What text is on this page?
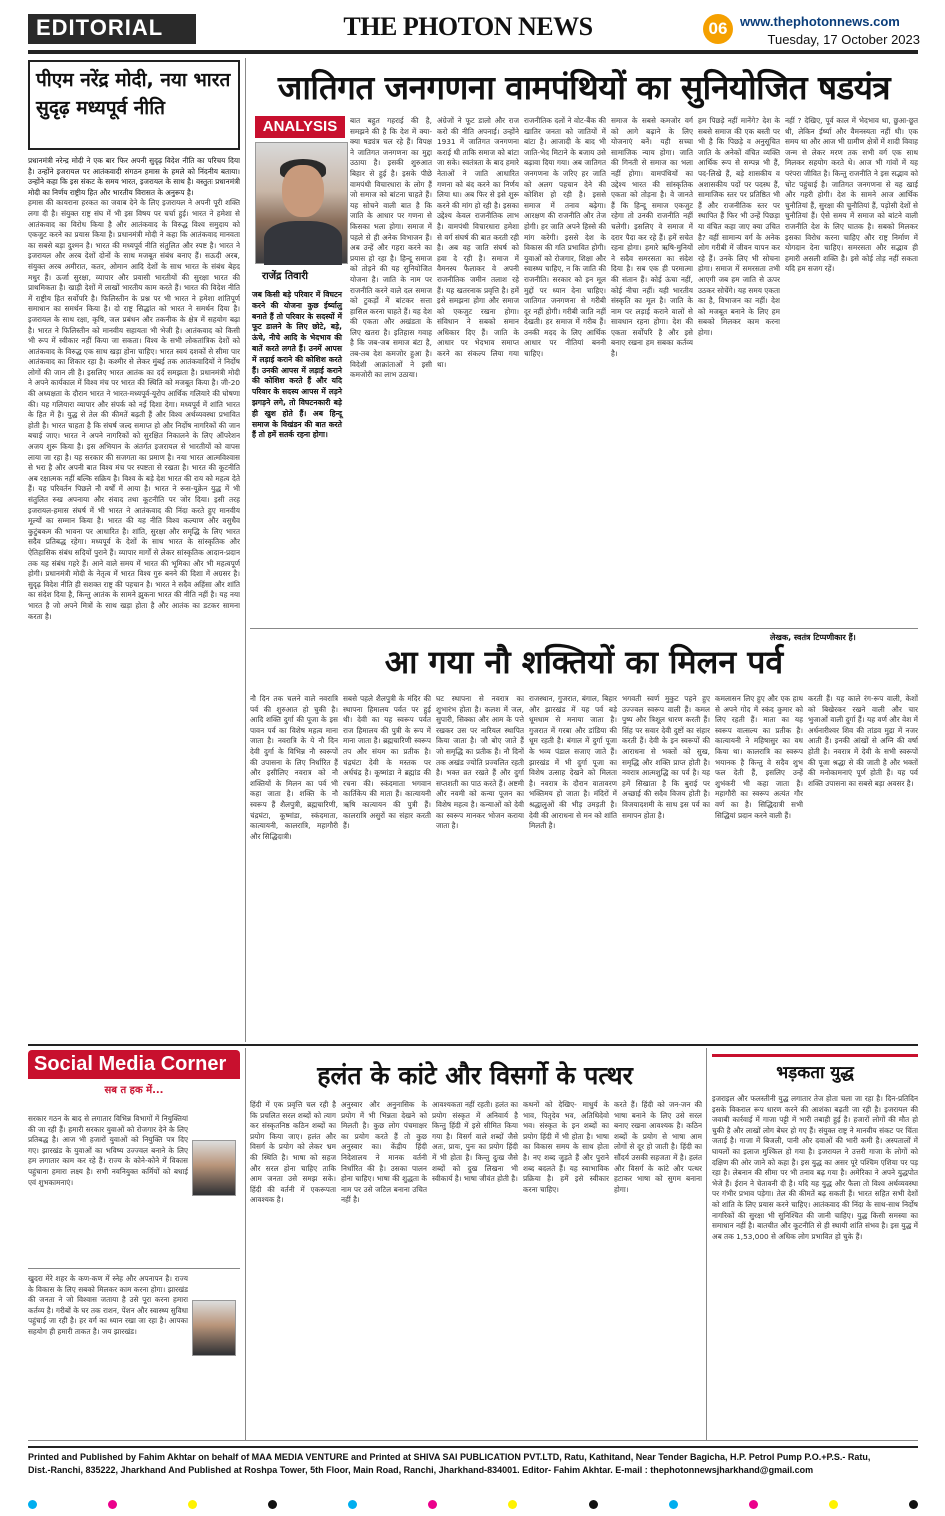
EDITORIAL	THE PHOTON NEWS	06 www.thephotonnews.com
Tuesday, 17 October 2023
पीएम नरेंद्र मोदी, नया भारत सुदृढ़ मध्यपूर्व नीति

प्रधानमंत्री नरेन्द्र मोदी ने एक बार फिर अपनी सुदृढ़ विदेश नीति का परिचय दिया है। उन्होंने इजरायल पर आतंकवादी संगठन हमास के हमले को निंदनीय बताया। उन्होंने कहा कि इस संकट के समय भारत, इजरायल के साथ है। वस्तुतः प्रधानमंत्री मोदी का निर्णय राष्ट्रीय हित और भारतीय विरासत के अनुरूप है।

हमास की कायराना हरकत का जवाब देने के लिए इजरायल ने अपनी पूरी शक्ति लगा दी है। संयुक्त राष्ट्र संघ में भी इस विषय पर चर्चा हुई। भारत ने हमेशा से आतंकवाद का विरोध किया है और आतंकवाद के विरुद्ध विश्व समुदाय को एकजुट करने का प्रयास किया है। प्रधानमंत्री मोदी ने कहा कि आतंकवाद मानवता का सबसे बड़ा दुश्मन है। भारत की मध्यपूर्व नीति संतुलित और स्पष्ट है। भारत ने इजरायल और अरब देशों दोनों के साथ मजबूत संबंध बनाए हैं। सऊदी अरब, संयुक्त अरब अमीरात, कतर, ओमान आदि देशों के साथ भारत के संबंध बेहद मधुर हैं। ऊर्जा सुरक्षा, व्यापार और प्रवासी भारतीयों की सुरक्षा भारत की प्राथमिकता है। खाड़ी देशों में लाखों भारतीय काम करते हैं। भारत की विदेश नीति में राष्ट्रीय हित सर्वोपरि है। फिलिस्तीन के प्रश्न पर भी भारत ने हमेशा शांतिपूर्ण समाधान का समर्थन किया है। दो राष्ट्र सिद्धांत को भारत ने समर्थन दिया है। इजरायल के साथ रक्षा, कृषि, जल प्रबंधन और तकनीक के क्षेत्र में सहयोग बढ़ा है। भारत ने फिलिस्तीन को मानवीय सहायता भी भेजी है। आतंकवाद को किसी भी रूप में स्वीकार नहीं किया जा सकता। विश्व के सभी लोकतांत्रिक देशों को आतंकवाद के विरुद्ध एक साथ खड़ा होना चाहिए। भारत स्वयं दशकों से सीमा पार आतंकवाद का शिकार रहा है। कश्मीर से लेकर मुंबई तक आतंकवादियों ने निर्दोष लोगों की जान ली है। इसलिए भारत आतंक का दर्द समझता है। प्रधानमंत्री मोदी ने अपने कार्यकाल में विश्व मंच पर भारत की स्थिति को मजबूत किया है। जी-20 की अध्यक्षता के दौरान भारत ने भारत-मध्यपूर्व-यूरोप आर्थिक गलियारे की घोषणा की। यह गलियारा व्यापार और संपर्क को नई दिशा देगा। मध्यपूर्व में शांति भारत के हित में है। युद्ध से तेल की कीमतें बढ़ती हैं और विश्व अर्थव्यवस्था प्रभावित होती है। भारत चाहता है कि संघर्ष जल्द समाप्त हो और निर्दोष नागरिकों की जान बचाई जाए। भारत ने अपने नागरिकों को सुरक्षित निकालने के लिए ऑपरेशन अजय शुरू किया है। इस अभियान के अंतर्गत इजरायल से भारतीयों को वापस लाया जा रहा है। यह सरकार की सजगता का प्रमाण है। नया भारत आत्मविश्वास से भरा है और अपनी बात विश्व मंच पर स्पष्टता से रखता है। भारत की कूटनीति अब रक्षात्मक नहीं बल्कि सक्रिय है। विश्व के बड़े देश भारत की राय को महत्व देते हैं। यह परिवर्तन पिछले नौ वर्षों में आया है। भारत ने रूस-यूक्रेन युद्ध में भी संतुलित रुख अपनाया और संवाद तथा कूटनीति पर जोर दिया। इसी तरह इजरायल-हमास संघर्ष में भी भारत ने आतंकवाद की निंदा करते हुए मानवीय मूल्यों का सम्मान किया है। भारत की यह नीति विश्व कल्याण और वसुधैव कुटुंबकम की भावना पर आधारित है। शांति, सुरक्षा और समृद्धि के लिए भारत सदैव प्रतिबद्ध रहेगा। मध्यपूर्व के देशों के साथ भारत के सांस्कृतिक और ऐतिहासिक संबंध सदियों पुराने हैं। व्यापार मार्गों से लेकर सांस्कृतिक आदान-प्रदान तक यह संबंध गहरे हैं। आने वाले समय में भारत की भूमिका और भी महत्वपूर्ण होगी। प्रधानमंत्री मोदी के नेतृत्व में भारत विश्व गुरु बनने की दिशा में अग्रसर है। सुदृढ़ विदेश नीति ही सशक्त राष्ट्र की पहचान है। भारत ने सदैव अहिंसा और शांति का संदेश दिया है, किन्तु आतंक के सामने झुकना भारत की नीति नहीं है। यह नया भारत है जो अपने मित्रों के साथ खड़ा होता है और आतंक का डटकर सामना करता है।

जातिगत जनगणना वामपंथियों का सुनियोजित षडयंत्र
ANALYSIS
राजेंद्र तिवारी

जब किसी बड़े परिवार में विघटन करने की योजना कुछ ईर्ष्यालु बनाते हैं तो परिवार के सदस्यों में फूट डालने के लिए छोटे, बड़े, ऊंचे, नीचे आदि के भेदभाव की बातें करते लगते हैं। उनमें आपस में लड़ाई कराने की कोशिश करते हैं। उनकी आपस में लड़ाई कराने की कोशिश करते हैं और यदि परिवार के सदस्य आपस में लड़ने झगड़ने लगे, तो विघटनकारी बड़े ही खुश होते हैं। अब हिन्दू समाज के विखंडन की बात करते हैं तो हमें सतर्क रहना होगा।

बात बहुत गहराई की है, समझने की है कि देश में क्या-क्या षड्यंत्र चल रहे हैं। विपक्ष ने जातिगत जनगणना का मुद्दा उठाया है। इसकी शुरुआत बिहार से हुई है। इसके पीछे वामपंथी विचारधारा के लोग हैं जो समाज को बांटना चाहते हैं। यह सोचने वाली बात है कि जाति के आधार पर गणना से किसका भला होगा। समाज में पहले से ही अनेक विभाजन हैं। अब उन्हें और गहरा करने का प्रयास हो रहा है। हिन्दू समाज को तोड़ने की यह सुनियोजित योजना है। जाति के नाम पर राजनीति करने वाले दल समाज को टुकड़ों में बांटकर सत्ता हासिल करना चाहते हैं। यह देश की एकता और अखंडता के लिए खतरा है। इतिहास गवाह है कि जब-जब समाज बंटा है, तब-तब देश कमजोर हुआ है। विदेशी आक्रांताओं ने इसी कमजोरी का लाभ उठाया।

अंग्रेजों ने फूट डालो और राज करो की नीति अपनाई। उन्होंने 1931 में जातिगत जनगणना कराई थी ताकि समाज को बांटा जा सके। स्वतंत्रता के बाद हमारे नेताओं ने जाति आधारित गणना को बंद करने का निर्णय लिया था। अब फिर से इसे शुरू करने की मांग हो रही है। इसका उद्देश्य केवल राजनीतिक लाभ है। वामपंथी विचारधारा हमेशा से वर्ग संघर्ष की बात करती रही है। अब वह जाति संघर्ष को हवा दे रही है। समाज में वैमनस्य फैलाकर वे अपनी राजनीतिक जमीन तलाश रहे हैं। यह खतरनाक प्रवृत्ति है। हमें इसे समझना होगा और समाज को एकजुट रखना होगा। संविधान ने सबको समान अधिकार दिए हैं। जाति के आधार पर भेदभाव समाप्त करने का संकल्प लिया गया था।

राजनीतिक दलों ने वोट-बैंक की खातिर जनता को जातियों में बांटा है। आजादी के बाद भी जाति-भेद मिटाने के बजाय उसे बढ़ावा दिया गया। अब जातिगत जनगणना के जरिए हर जाति को अलग पहचान देने की कोशिश हो रही है। इससे समाज में तनाव बढ़ेगा। आरक्षण की राजनीति और तेज होगी। हर जाति अपने हिस्से की मांग करेगी। इससे देश के विकास की गति प्रभावित होगी। युवाओं को रोजगार, शिक्षा और स्वास्थ्य चाहिए, न कि जाति की राजनीति। सरकार को इन मूल मुद्दों पर ध्यान देना चाहिए। जातिगत जनगणना से गरीबी दूर नहीं होगी। गरीबी जाति नहीं देखती। हर समाज में गरीब हैं। उनकी मदद के लिए आर्थिक आधार पर नीतियां बननी चाहिए।

समाज के सबसे कमजोर वर्ग को आगे बढ़ाने के लिए योजनाएं बनें। यही सच्चा सामाजिक न्याय होगा। जाति की गिनती से समाज का भला नहीं होगा। वामपंथियों का उद्देश्य भारत की सांस्कृतिक एकता को तोड़ना है। वे जानते हैं कि हिन्दू समाज एकजुट रहेगा तो उनकी राजनीति नहीं चलेगी। इसलिए वे समाज में दरार पैदा कर रहे हैं। हमें सचेत रहना होगा। हमारे ऋषि-मुनियों ने सदैव समरसता का संदेश दिया है। सब एक ही परमात्मा की संतान हैं। कोई ऊंचा नहीं, कोई नीचा नहीं। यही भारतीय संस्कृति का मूल है। जाति के नाम पर लड़ाई कराने वालों से सावधान रहना होगा। देश की एकता सर्वोपरि है और इसे बनाए रखना हम सबका कर्तव्य है।

हम पिछड़े नहीं मानेंगे? देश के सबसे समाज की एक बस्ती पर भी है कि पिछड़े व अनुसूचित जाति के अनेकों वंचित व्यक्ति आर्थिक रूप से सम्पन्न भी हैं, पद-लिखे हैं, बड़े शासकीय व अशासकीय पदों पर पदस्थ हैं, सामाजिक स्तर पर प्रतिष्ठित भी हैं और राजनीतिक स्तर पर स्थापित हैं फिर भी उन्हें पिछड़ा या वंचित कहा जाए क्या उचित है? वहीं सामान्य वर्ग के अनेक लोग गरीबी में जीवन यापन कर रहे हैं। उनके लिए भी सोचना होगा। समाज में समरसता तभी आएगी जब हम जाति से ऊपर उठकर सोचेंगे। यह समय एकता का है, विभाजन का नहीं। देश को मजबूत बनाने के लिए हम सबको मिलकर काम करना होगा।

नहीं ? देखिए, पूर्व काल में भेदभाव था, छुआ-छूत थी, लेकिन ईर्ष्या और वैमनस्यता नहीं थी। एक समय था और आज भी ग्रामीण क्षेत्रों में शादी विवाह जन्म से लेकर मरण तक सभी वर्ग एक साथ मिलकर सहयोग करते थे। आज भी गांवों में यह परंपरा जीवित है। किन्तु राजनीति ने इस सद्भाव को चोट पहुंचाई है। जातिगत जनगणना से यह खाई और गहरी होगी। देश के सामने आज आर्थिक चुनौतियां हैं, सुरक्षा की चुनौतियां हैं, पड़ोसी देशों से चुनौतियां हैं। ऐसे समय में समाज को बांटने वाली राजनीति देश के लिए घातक है। सबको मिलकर इसका विरोध करना चाहिए और राष्ट्र निर्माण में योगदान देना चाहिए। समरसता और सद्भाव ही हमारी असली शक्ति है। इसे कोई तोड़ नहीं सकता यदि हम सजग रहें।

लेखक, स्वतंत्र टिप्पणीकार हैं।
आ गया नौ शक्तियों का मिलन पर्व

नौ दिन तक चलने वाले नवरात्रि पर्व की शुरुआत हो चुकी है। आदि शक्ति दुर्गा की पूजा के इस पावन पर्व का विशेष महत्व माना जाता है। नवरात्रि के ये नौ दिन देवी दुर्गा के विभिन्न नौ स्वरूपों की उपासना के लिए निर्धारित हैं और इसीलिए नवरात्र को नौ शक्तियों के मिलन का पर्व भी कहा जाता है। शक्ति के नौ स्वरूप हैं शैलपुत्री, ब्रह्मचारिणी, चंद्रघंटा, कूष्मांडा, स्कंदमाता, कात्यायनी, कालरात्रि, महागौरी और सिद्धिदात्री।

सबसे पहले शैलपुत्री के मंदिर की स्थापना हिमालय पर्वत पर हुई थी। देवी का यह स्वरूप पर्वत राज हिमालय की पुत्री के रूप में माना जाता है। ब्रह्मचारिणी स्वरूप तप और संयम का प्रतीक है। चंद्रघंटा देवी के मस्तक पर अर्धचंद्र है। कूष्मांडा ने ब्रह्मांड की रचना की। स्कंदमाता भगवान कार्तिकेय की माता हैं। कात्यायनी ऋषि कात्यायन की पुत्री हैं। कालरात्रि असुरों का संहार करती हैं।

घट स्थापना से नवरात्र का शुभारंभ होता है। कलश में जल, सुपारी, सिक्का और आम के पत्ते रखकर उस पर नारियल स्थापित किया जाता है। जौ बोए जाते हैं जो समृद्धि का प्रतीक हैं। नौ दिनों तक अखंड ज्योति प्रज्वलित रहती है। भक्त व्रत रखते हैं और दुर्गा सप्तशती का पाठ करते हैं। अष्टमी और नवमी को कन्या पूजन का विशेष महत्व है। कन्याओं को देवी का स्वरूप मानकर भोजन कराया जाता है।

राजस्थान, गुजरात, बंगाल, बिहार और झारखंड में यह पर्व बड़े धूमधाम से मनाया जाता है। गुजरात में गरबा और डांडिया की धूम रहती है। बंगाल में दुर्गा पूजा के भव्य पंडाल सजाए जाते हैं। झारखंड में भी दुर्गा पूजा का विशेष उत्साह देखने को मिलता है। नवरात्र के दौरान वातावरण भक्तिमय हो जाता है। मंदिरों में श्रद्धालुओं की भीड़ उमड़ती है। देवी की आराधना से मन को शांति मिलती है।

भगवती स्वर्ण मुकुट पहने हुए उज्ज्वल स्वरूप वाली हैं। कमल पुष्प और त्रिशूल धारण करती हैं। सिंह पर सवार देवी दुष्टों का संहार करती हैं। देवी के इन स्वरूपों की आराधना से भक्तों को सुख, समृद्धि और शक्ति प्राप्त होती है। नवरात्र आत्मशुद्धि का पर्व है। यह हमें सिखाता है कि बुराई पर अच्छाई की सदैव विजय होती है। विजयादशमी के साथ इस पर्व का समापन होता है।

कमलासन लिए हुए और एक हाथ से अपने गोद में स्कंद कुमार को लिए रहती हैं। माता का यह स्वरूप वात्सल्य का प्रतीक है। कात्यायनी ने महिषासुर का वध किया था। कालरात्रि का स्वरूप भयानक है किन्तु वे सदैव शुभ फल देती हैं, इसलिए उन्हें शुभंकरी भी कहा जाता है। महागौरी का स्वरूप अत्यंत गौर वर्ण का है। सिद्धिदात्री सभी सिद्धियां प्रदान करने वाली हैं।

करती हैं। यह काले रंग-रूप वाली, केशों को बिखेरकर रखने वाली और चार भुजाओं वाली दुर्गा हैं। यह वर्ण और वेश में अर्धनारीश्वर शिव की तांडव मुद्रा में नजर आती हैं। इनकी आंखों से अग्नि की वर्षा होती है। नवरात्र में देवी के सभी स्वरूपों की पूजा श्रद्धा से की जाती है और भक्तों की मनोकामनाएं पूर्ण होती हैं। यह पर्व शक्ति उपासना का सबसे बड़ा अवसर है।

Social Media Corner
सब त हक में...

सरकार गठन के बाद से लगातार विभिन्न विभागों में नियुक्तियां की जा रही हैं। हमारी सरकार युवाओं को रोजगार देने के लिए प्रतिबद्ध है। आज भी हजारों युवाओं को नियुक्ति पत्र दिए गए। झारखंड के युवाओं का भविष्य उज्ज्वल बनाने के लिए हम लगातार काम कर रहे हैं। राज्य के कोने-कोने में विकास पहुंचाना हमारा लक्ष्य है। सभी नवनियुक्त कर्मियों को बधाई एवं शुभकामनाएं।

खुदरा मेरे शहर के कण-कण में स्नेह और अपनापन है। राज्य के विकास के लिए सबको मिलकर काम करना होगा। झारखंड की जनता ने जो विश्वास जताया है उसे पूरा करना हमारा कर्तव्य है। गरीबों के घर तक राशन, पेंशन और स्वास्थ्य सुविधा पहुंचाई जा रही है। हर वर्ग का ध्यान रखा जा रहा है। आपका सहयोग ही हमारी ताकत है। जय झारखंड।

हलंत के कांटे और विसर्गो के पत्थर

हिंदी में एक प्रवृत्ति चल रही है कि प्रचलित सरल शब्दों को त्याग कर संस्कृतनिष्ठ कठिन शब्दों का प्रयोग किया जाए। हलंत और विसर्ग के प्रयोग को लेकर भ्रम की स्थिति है। भाषा को सहज और सरल होना चाहिए ताकि आम जनता उसे समझ सके। हिंदी की वर्तनी में एकरूपता आवश्यक है।

अनुस्वार और अनुनासिक के प्रयोग में भी भिन्नता देखने को मिलती है। कुछ लोग पंचमाक्षर का प्रयोग करते हैं तो कुछ अनुस्वार का। केंद्रीय हिंदी निदेशालय ने मानक वर्तनी निर्धारित की है। उसका पालन होना चाहिए। भाषा की शुद्धता के नाम पर उसे जटिल बनाना उचित नहीं है।

आवश्यकता नहीं रहती। हलंत का प्रयोग संस्कृत में अनिवार्य है किन्तु हिंदी में इसे सीमित किया गया है। विसर्ग वाले शब्दों जैसे अतः, प्रायः, पुनः का प्रयोग हिंदी में भी होता है। किन्तु दुःख जैसे शब्दों को दुख लिखना भी स्वीकार्य है। भाषा जीवंत होती है।

कथनों को देखिए- माधुर्य के भाव, पितृदेव भव, अतिथिदेवो भव। संस्कृत के इन शब्दों का प्रयोग हिंदी में भी होता है। भाषा का विकास समय के साथ होता है। नए शब्द जुड़ते हैं और पुराने शब्द बदलते हैं। यह स्वाभाविक प्रक्रिया है। हमें इसे स्वीकार करना चाहिए।

करते हैं। हिंदी को जन-जन की भाषा बनाने के लिए उसे सरल बनाए रखना आवश्यक है। कठिन शब्दों के प्रयोग से भाषा आम लोगों से दूर हो जाती है। हिंदी का सौंदर्य उसकी सहजता में है। हलंत और विसर्ग के कांटे और पत्थर हटाकर भाषा को सुगम बनाना होगा।

भड़कता युद्ध

इजराइल और फलस्तीनी युद्ध लगातार तेज होता चला जा रहा है। दिन-प्रतिदिन इसके विकराल रूप धारण करने की आशंका बढ़ती जा रही है। इजरायल की जवाबी कार्रवाई में गाजा पट्टी में भारी तबाही हुई है। हजारों लोगों की मौत हो चुकी है और लाखों लोग बेघर हो गए हैं। संयुक्त राष्ट्र ने मानवीय संकट पर चिंता जताई है। गाजा में बिजली, पानी और दवाओं की भारी कमी है। अस्पतालों में घायलों का इलाज मुश्किल हो गया है। इजरायल ने उत्तरी गाजा के लोगों को दक्षिण की ओर जाने को कहा है। इस युद्ध का असर पूरे पश्चिम एशिया पर पड़ रहा है। लेबनान की सीमा पर भी तनाव बढ़ गया है। अमेरिका ने अपने युद्धपोत भेजे हैं। ईरान ने चेतावनी दी है। यदि यह युद्ध और फैला तो विश्व अर्थव्यवस्था पर गंभीर प्रभाव पड़ेगा। तेल की कीमतें बढ़ सकती हैं। भारत सहित सभी देशों को शांति के लिए प्रयास करने चाहिए। आतंकवाद की निंदा के साथ-साथ निर्दोष नागरिकों की सुरक्षा भी सुनिश्चित की जानी चाहिए। युद्ध किसी समस्या का समाधान नहीं है। बातचीत और कूटनीति से ही स्थायी शांति संभव है। इस युद्ध में अब तक 1,53,000 से अधिक लोग प्रभावित हो चुके हैं।

Printed and Published by Fahim Akhtar on behalf of MAA MEDIA VENTURE and Printed at SHIVA SAI PUBLICATION PVT.LTD, Ratu, Kathitand, Near Tender Bagicha, H.P. Petrol Pump P.O.+P.S.- Ratu,
Dist.-Ranchi, 835222, Jharkhand And Published at Roshpa Tower, 5th Floor, Main Road, Ranchi, Jharkhand-834001. Editor- Fahim Akhtar. E-mail : thephotonnewsjharkhand@gmail.com
